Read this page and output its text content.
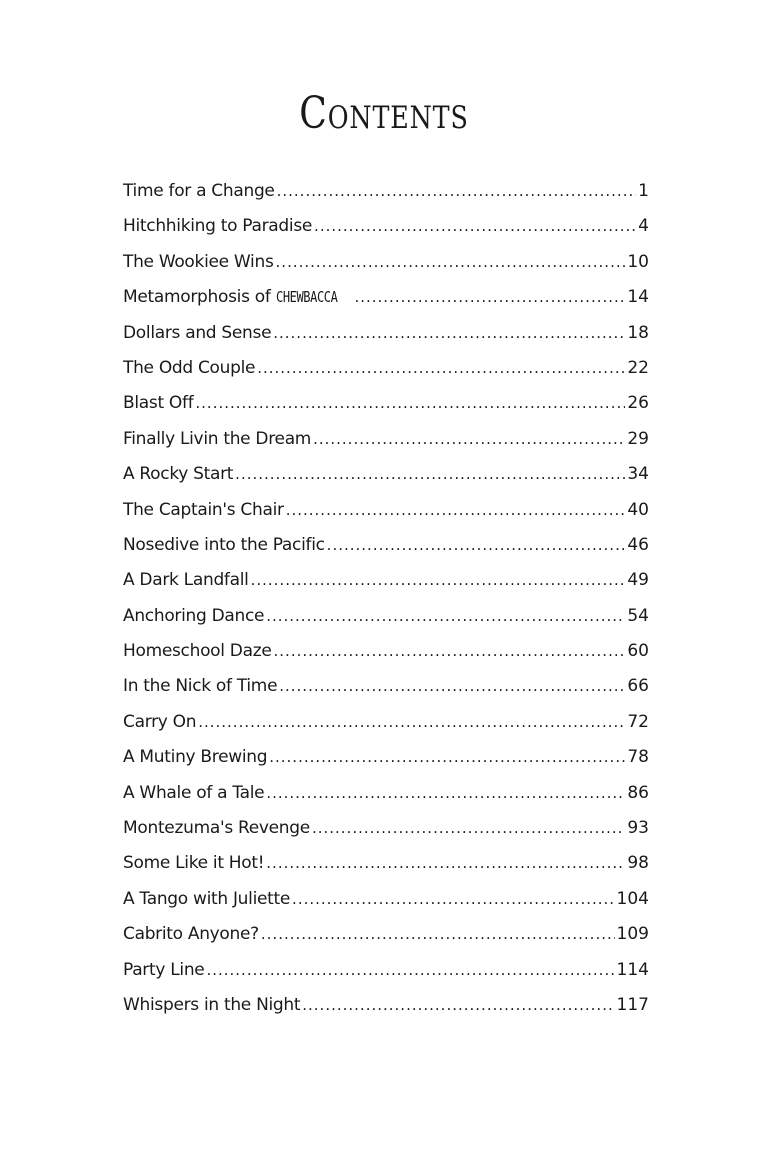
Contents
Time for a Change .....	1
Hitchhiking to Paradise .....	4
The Wookiee Wins .....	10
Metamorphosis of CHEWBACCA .....	14
Dollars and Sense .....	18
The Odd Couple .....	22
Blast Off .....	26
Finally Livin the Dream .....	29
A Rocky Start .....	34
The Captain's Chair .....	40
Nosedive into the Pacific .....	46
A Dark Landfall .....	49
Anchoring Dance .....	54
Homeschool Daze .....	60
In the Nick of Time .....	66
Carry On .....	72
A Mutiny Brewing .....	78
A Whale of a Tale .....	86
Montezuma's Revenge .....	93
Some Like it Hot! .....	98
A Tango with Juliette .....	104
Cabrito Anyone? .....	109
Party Line .....	114
Whispers in the Night .....	117
